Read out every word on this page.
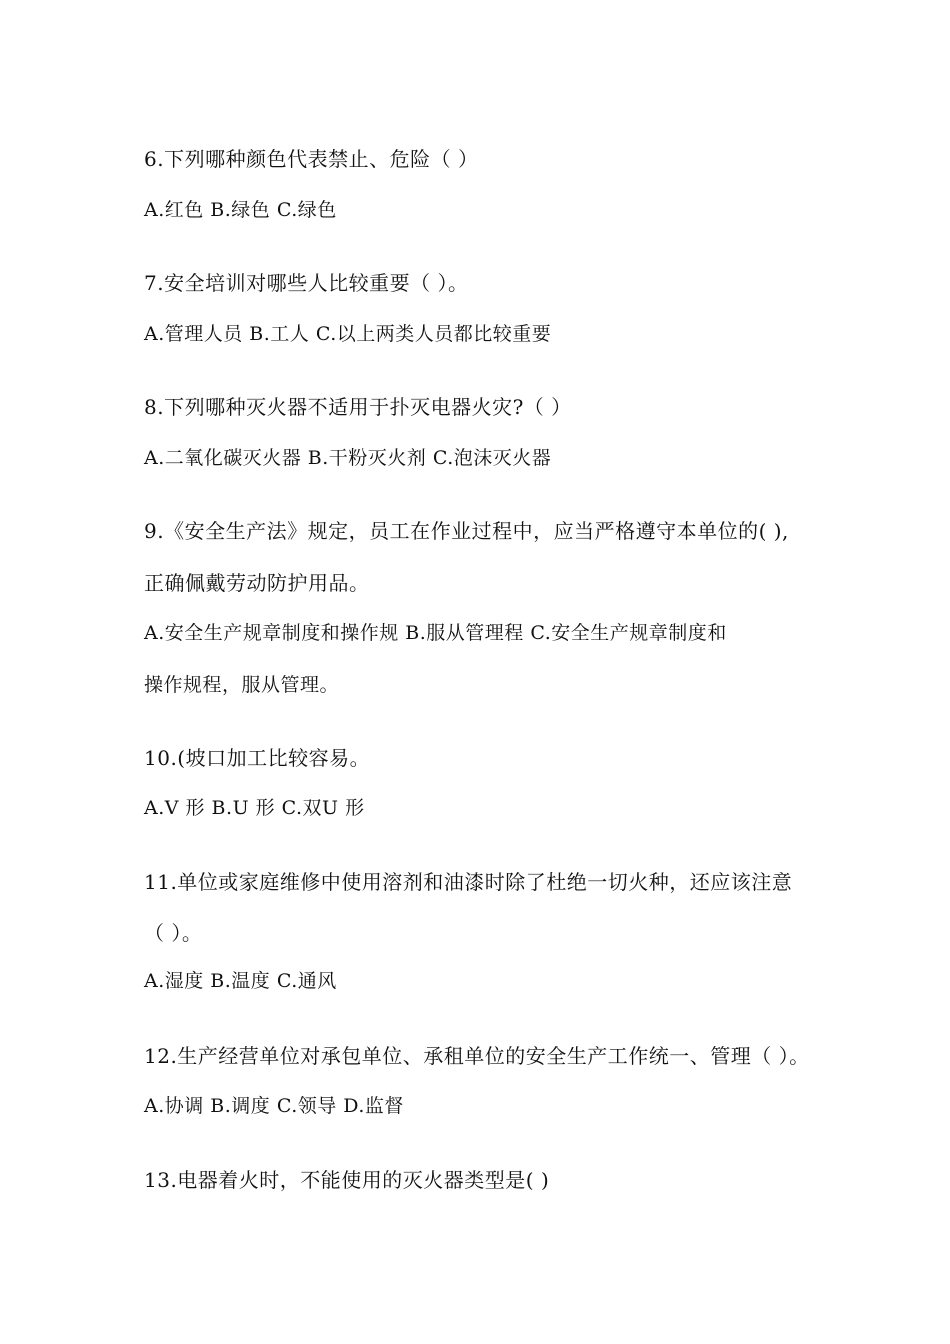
6.下列哪种颜色代表禁止、危险（ ）
A.红色 B.绿色 C.绿色
7.安全培训对哪些人比较重要（ ）。
A.管理人员 B.工人 C.以上两类人员都比较重要
8.下列哪种灭火器不适用于扑灭电器火灾?（ ）
A.二氧化碳灭火器 B.干粉灭火剂 C.泡沫灭火器
9.《安全生产法》规定，员工在作业过程中，应当严格遵守本单位的( ),
正确佩戴劳动防护用品。
A.安全生产规章制度和操作规 B.服从管理程 C.安全生产规章制度和
操作规程，服从管理。
10.(坡口加工比较容易。
A.V 形 B.U 形 C.双U 形
11.单位或家庭维修中使用溶剂和油漆时除了杜绝一切火种，还应该注意
（ ）。
A.湿度 B.温度 C.通风
12.生产经营单位对承包单位、承租单位的安全生产工作统一、管理（ ）。
A.协调 B.调度 C.领导 D.监督
13.电器着火时，不能使用的灭火器类型是( )
